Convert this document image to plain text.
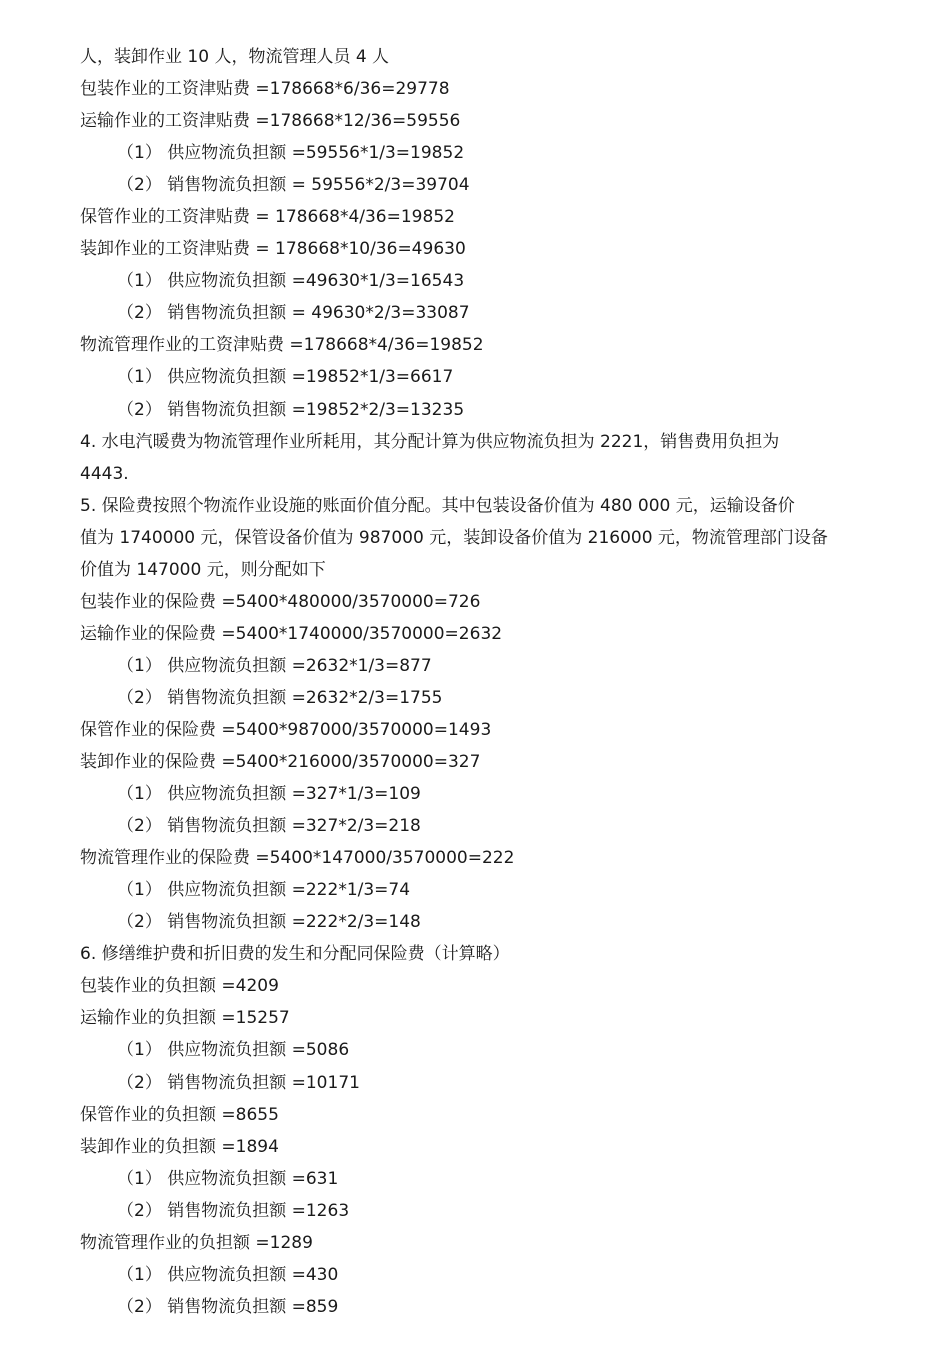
人，装卸作业 10 人，物流管理人员 4 人
包装作业的工资津贴费 =178668*6/36=29778
运输作业的工资津贴费 =178668*12/36=59556
（1） 供应物流负担额 =59556*1/3=19852
（2） 销售物流负担额 = 59556*2/3=39704
保管作业的工资津贴费 = 178668*4/36=19852
装卸作业的工资津贴费 = 178668*10/36=49630
（1） 供应物流负担额 =49630*1/3=16543
（2） 销售物流负担额 = 49630*2/3=33087
物流管理作业的工资津贴费 =178668*4/36=19852
（1） 供应物流负担额 =19852*1/3=6617
（2） 销售物流负担额 =19852*2/3=13235
4. 水电汽暖费为物流管理作业所耗用，其分配计算为供应物流负担为 2221，销售费用负担为
4443.
5. 保险费按照个物流作业设施的账面价值分配。其中包装设备价值为 480 000 元，运输设备价
值为 1740000 元，保管设备价值为 987000 元，装卸设备价值为 216000 元，物流管理部门设备
价值为 147000 元，则分配如下
包装作业的保险费 =5400*480000/3570000=726
运输作业的保险费 =5400*1740000/3570000=2632
（1） 供应物流负担额 =2632*1/3=877
（2） 销售物流负担额 =2632*2/3=1755
保管作业的保险费 =5400*987000/3570000=1493
装卸作业的保险费 =5400*216000/3570000=327
（1） 供应物流负担额 =327*1/3=109
（2） 销售物流负担额 =327*2/3=218
物流管理作业的保险费 =5400*147000/3570000=222
（1） 供应物流负担额 =222*1/3=74
（2） 销售物流负担额 =222*2/3=148
6. 修缮维护费和折旧费的发生和分配同保险费（计算略）
包装作业的负担额 =4209
运输作业的负担额 =15257
（1） 供应物流负担额 =5086
（2） 销售物流负担额 =10171
保管作业的负担额 =8655
装卸作业的负担额 =1894
（1） 供应物流负担额 =631
（2） 销售物流负担额 =1263
物流管理作业的负担额 =1289
（1） 供应物流负担额 =430
（2） 销售物流负担额 =859
